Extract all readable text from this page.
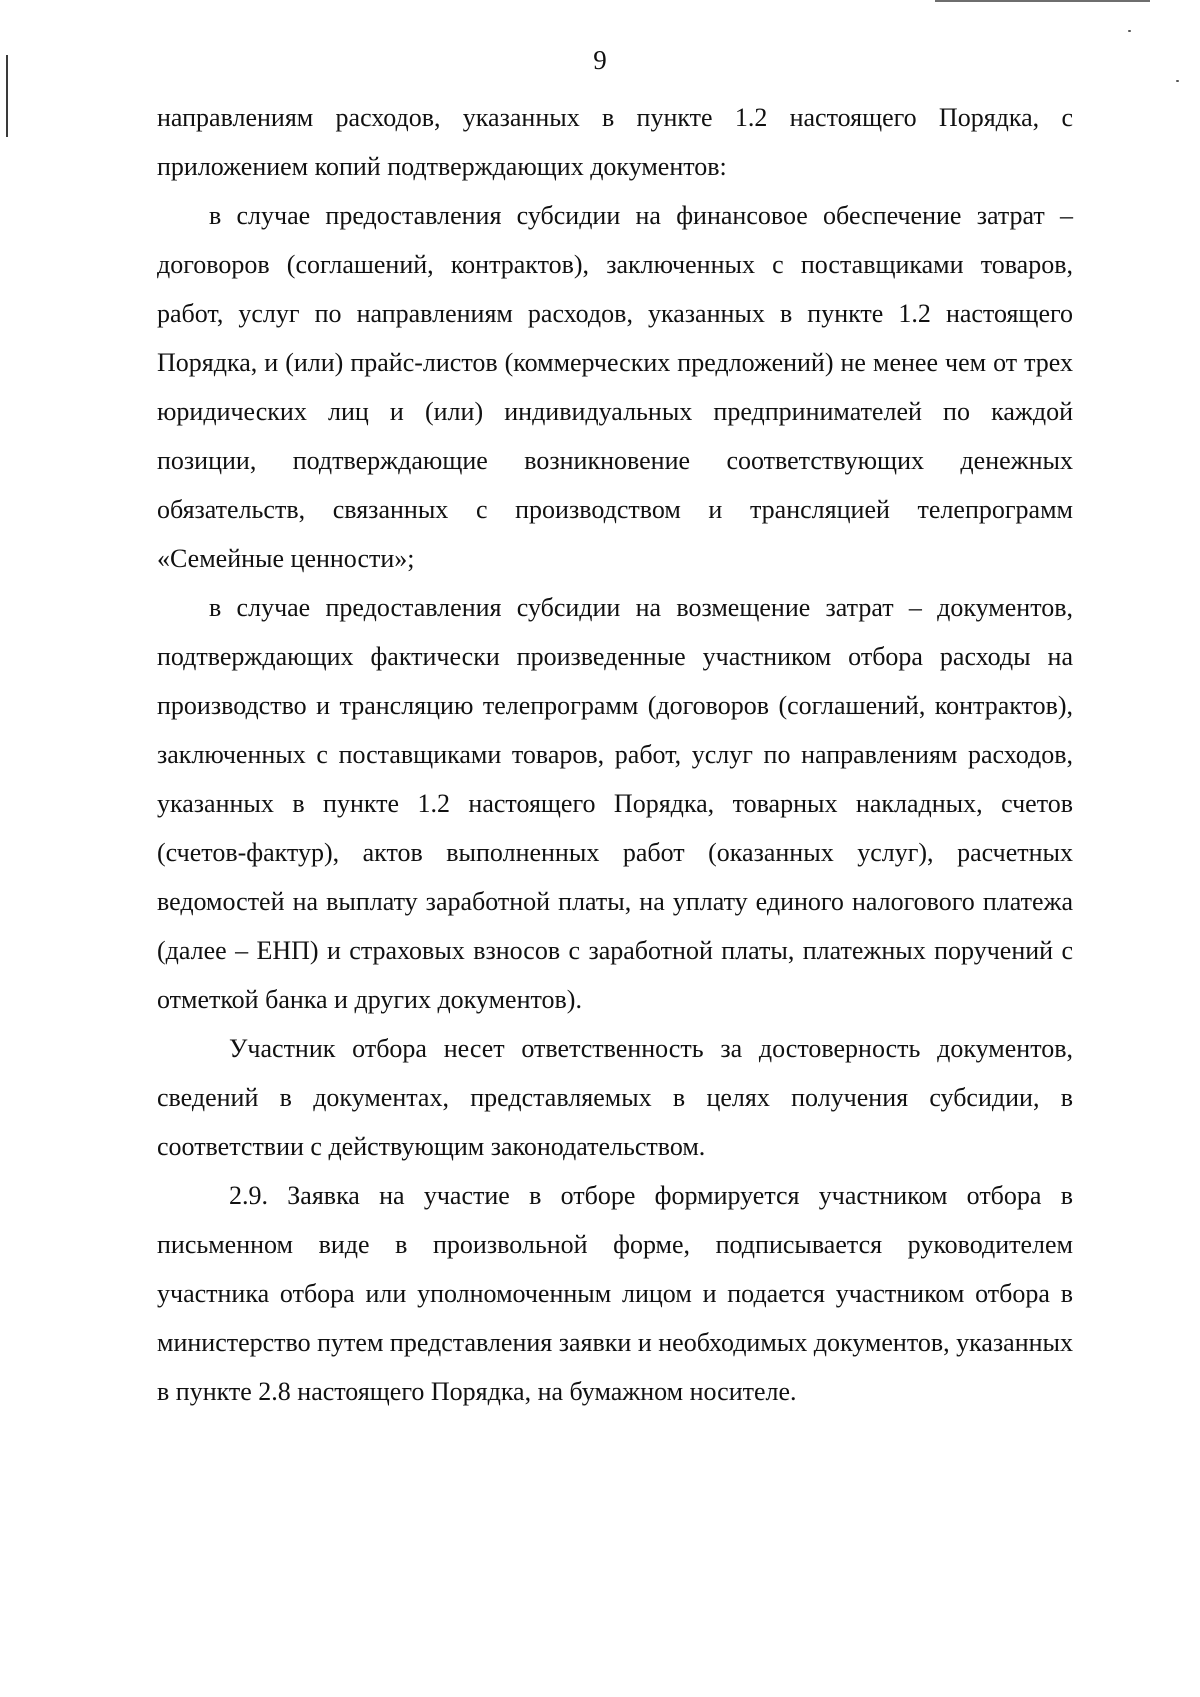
9

направлениям расходов, указанных в пункте 1.2 настоящего Порядка, с приложением копий подтверждающих документов:

в случае предоставления субсидии на финансовое обеспечение затрат – договоров (соглашений, контрактов), заключенных с поставщиками товаров, работ, услуг по направлениям расходов, указанных в пункте 1.2 настоящего Порядка, и (или) прайс-листов (коммерческих предложений) не менее чем от трех юридических лиц и (или) индивидуальных предпринимателей по каждой позиции, подтверждающие возникновение соответствующих денежных обязательств, связанных с производством и трансляцией телепрограмм «Семейные ценности»;

в случае предоставления субсидии на возмещение затрат – документов, подтверждающих фактически произведенные участником отбора расходы на производство и трансляцию телепрограмм (договоров (соглашений, контрактов), заключенных с поставщиками товаров, работ, услуг по направлениям расходов, указанных в пункте 1.2 настоящего Порядка, товарных накладных, счетов (счетов-фактур), актов выполненных работ (оказанных услуг), расчетных ведомостей на выплату заработной платы, на уплату единого налогового платежа (далее – ЕНП) и страховых взносов с заработной платы, платежных поручений с отметкой банка и других документов).

Участник отбора несет ответственность за достоверность документов, сведений в документах, представляемых в целях получения субсидии, в соответствии с действующим законодательством.

2.9. Заявка на участие в отборе формируется участником отбора в письменном виде в произвольной форме, подписывается руководителем участника отбора или уполномоченным лицом и подается участником отбора в министерство путем представления заявки и необходимых документов, указанных в пункте 2.8 настоящего Порядка, на бумажном носителе.
